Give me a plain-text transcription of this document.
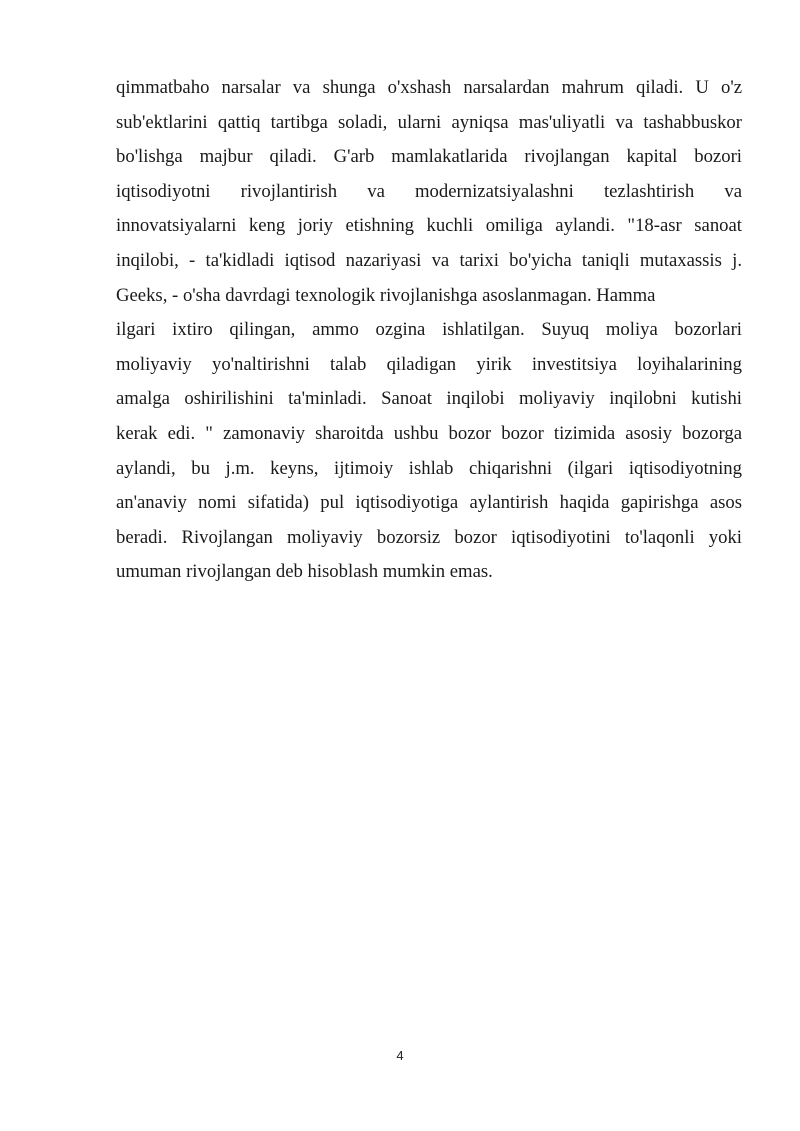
qimmatbaho narsalar va shunga o'xshash narsalardan mahrum qiladi. U o'z
sub'ektlarini qattiq tartibga soladi, ularni ayniqsa mas'uliyatli va tashabbuskor
bo'lishga majbur qiladi. G'arb mamlakatlarida rivojlangan kapital bozori
iqtisodiyotni rivojlantirish va modernizatsiyalashni tezlashtirish va
innovatsiyalarni keng joriy etishning kuchli omiliga aylandi. "18-asr sanoat
inqilobi, - ta'kidladi iqtisod nazariyasi va tarixi bo'yicha taniqli mutaxassis j.
Geeks, - o'sha davrdagi texnologik rivojlanishga asoslanmagan. Hamma
ilgari ixtiro qilingan, ammo ozgina ishlatilgan. Suyuq moliya bozorlari
moliyaviy yo'naltirishni talab qiladigan yirik investitsiya loyihalarining
amalga oshirilishini ta'minladi. Sanoat inqilobi moliyaviy inqilobni kutishi
kerak edi. " zamonaviy sharoitda ushbu bozor bozor tizimida asosiy bozorga
aylandi, bu j.m. keyns, ijtimoiy ishlab chiqarishni (ilgari iqtisodiyotning
an'anaviy nomi sifatida) pul iqtisodiyotiga aylantirish haqida gapirishga asos
beradi. Rivojlangan moliyaviy bozorsiz bozor iqtisodiyotini to'laqonli yoki
umuman rivojlangan deb hisoblash mumkin emas.
4
